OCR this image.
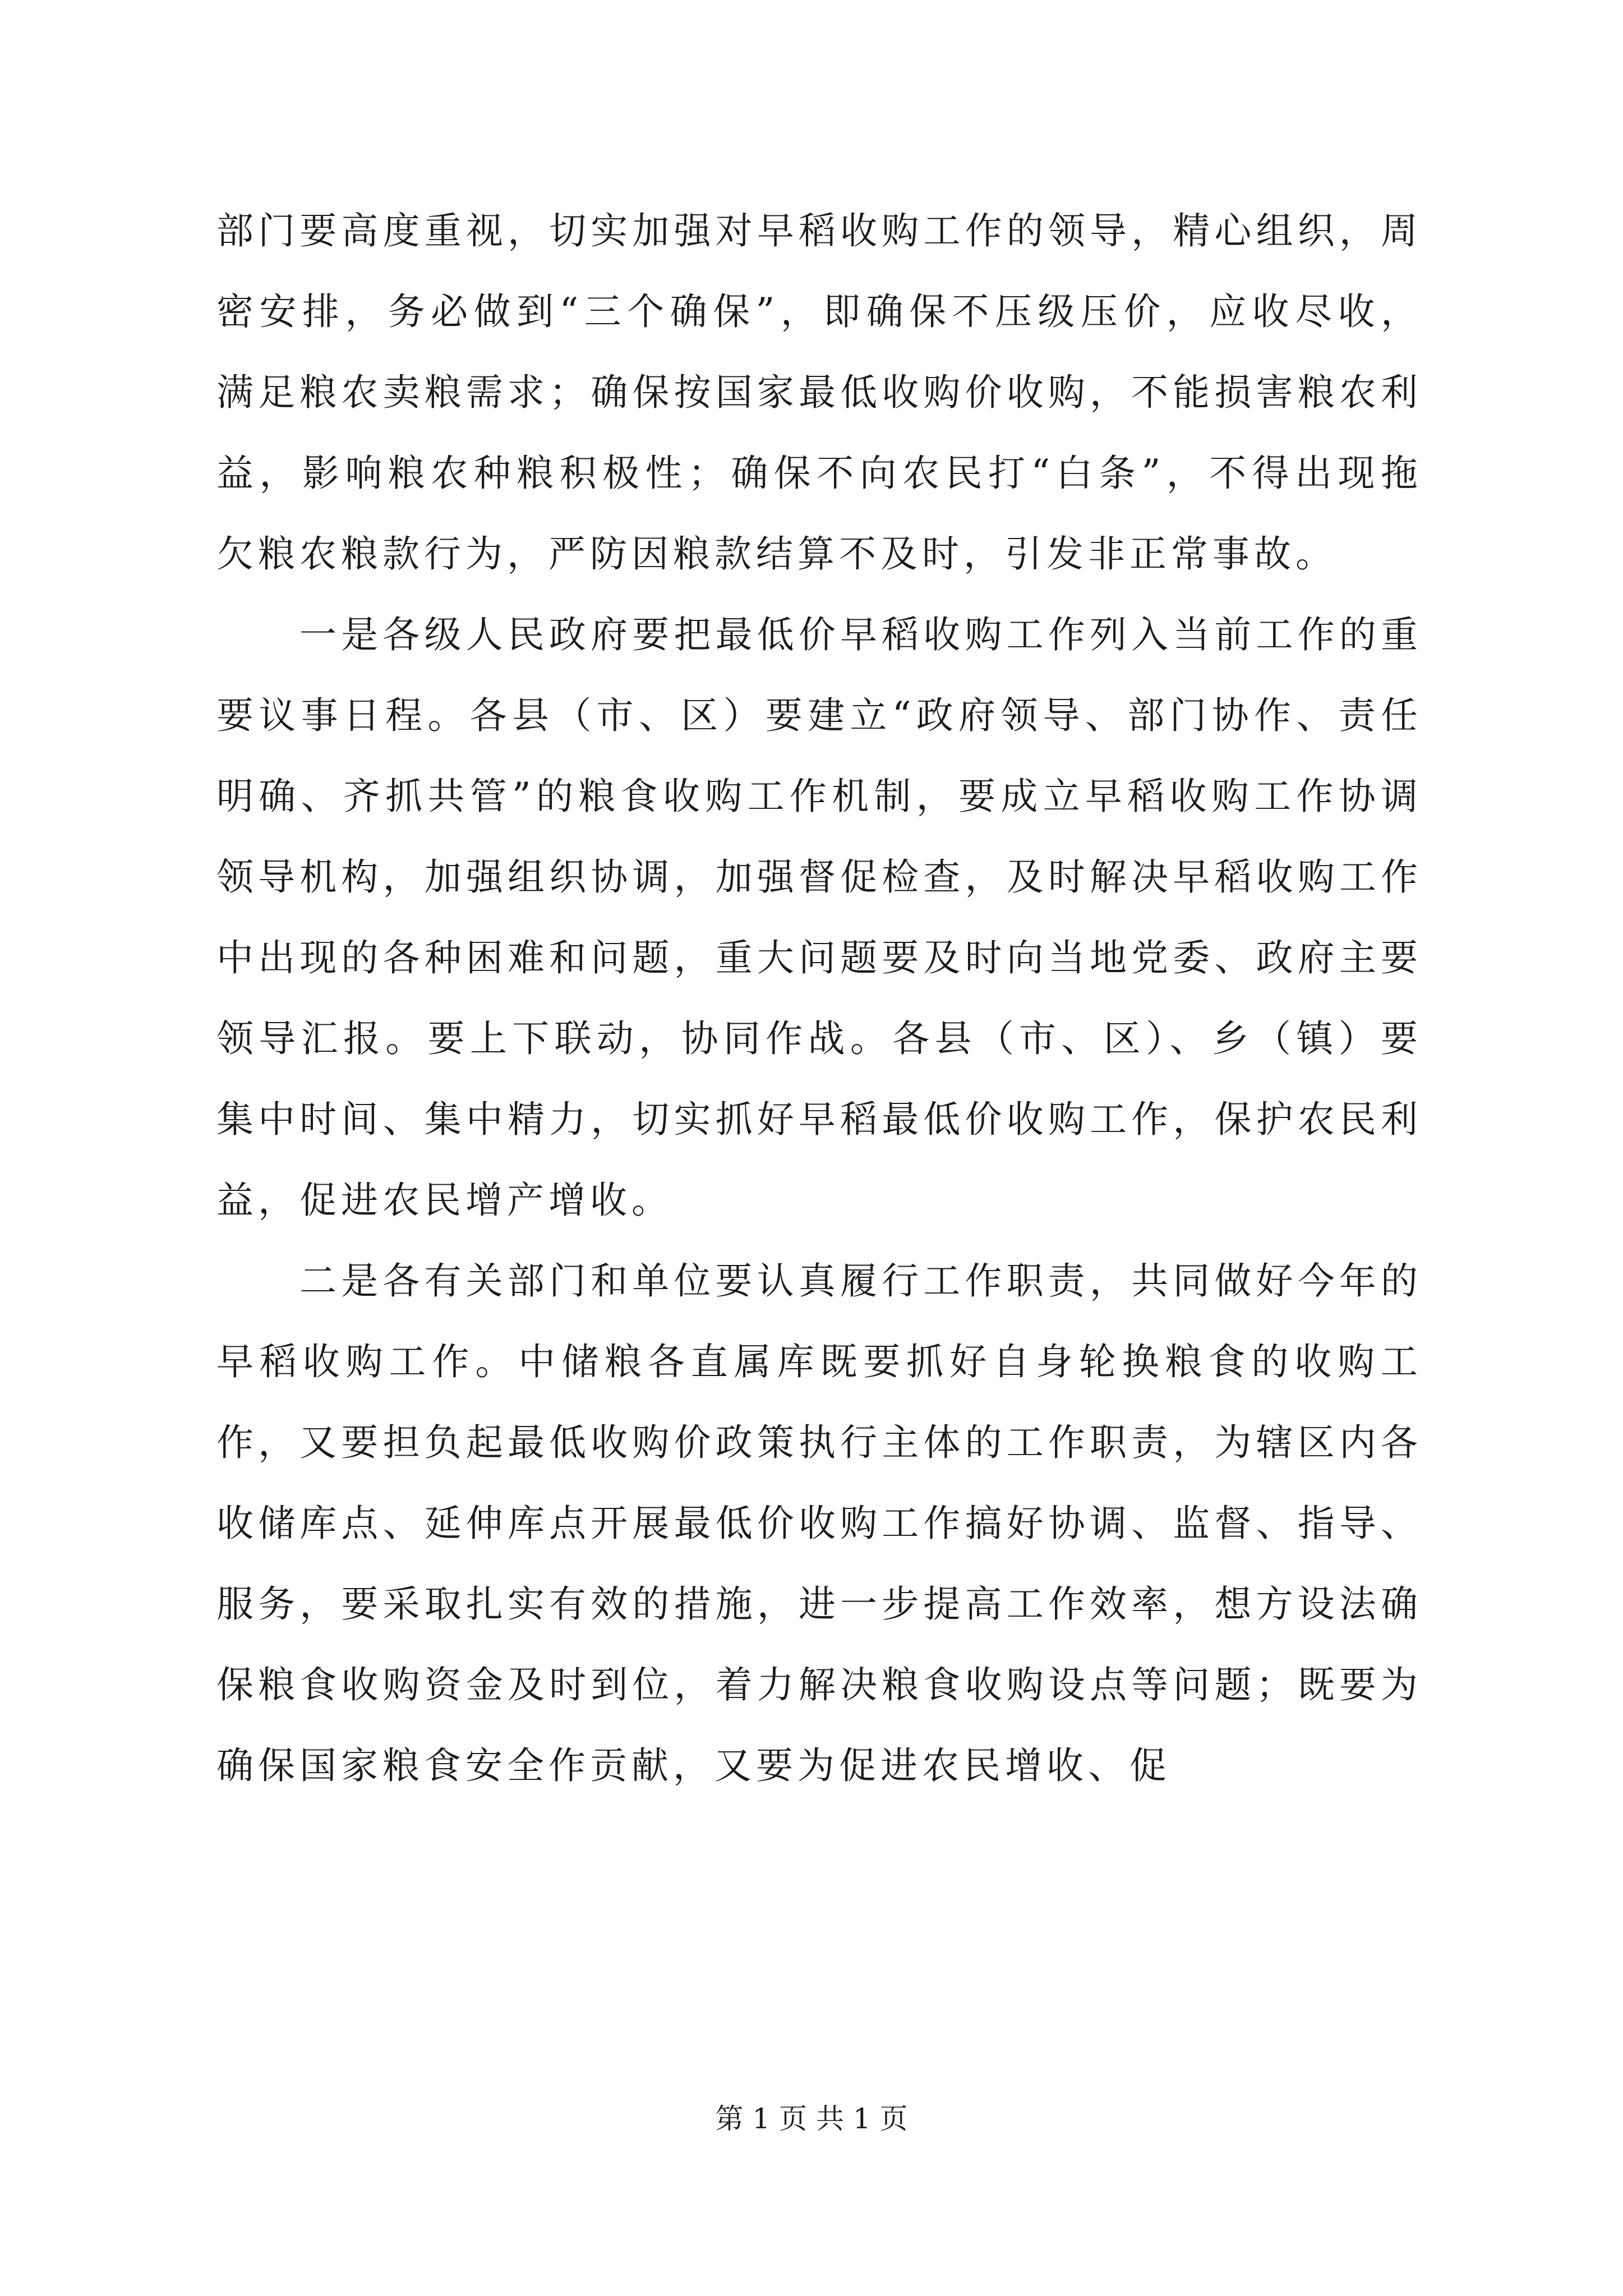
部门要高度重视，切实加强对早稻收购工作的领导，精心组织，周密安排，务必做到“三个确保”，即确保不压级压价，应收尽收，满足粮农卖粮需求；确保按国家最低收购价收购，不能损害粮农利益，影响粮农种粮积极性；确保不向农民打“白条”，不得出现拖欠粮农粮款行为，严防因粮款结算不及时，引发非正常事故。

一是各级人民政府要把最低价早稻收购工作列入当前工作的重要议事日程。各县（市、区）要建立“政府领导、部门协作、责任明确、齐抓共管”的粮食收购工作机制，要成立早稻收购工作协调领导机构，加强组织协调，加强督促检查，及时解决早稻收购工作中出现的各种困难和问题，重大问题要及时向当地党委、政府主要领导汇报。要上下联动，协同作战。各县（市、区）、乡（镇）要集中时间、集中精力，切实抓好早稻最低价收购工作，保护农民利益，促进农民增产增收。

二是各有关部门和单位要认真履行工作职责，共同做好今年的早稻收购工作。中储粮各直属库既要抓好自身轮换粮食的收购工作，又要担负起最低收购价政策执行主体的工作职责，为辖区内各收储库点、延伸库点开展最低价收购工作搞好协调、监督、指导、服务，要采取扎实有效的措施，进一步提高工作效率，想方设法确保粮食收购资金及时到位，着力解决粮食收购设点等问题；既要为确保国家粮食安全作贡献，又要为促进农民增收、促

第 1 页 共 1 页
